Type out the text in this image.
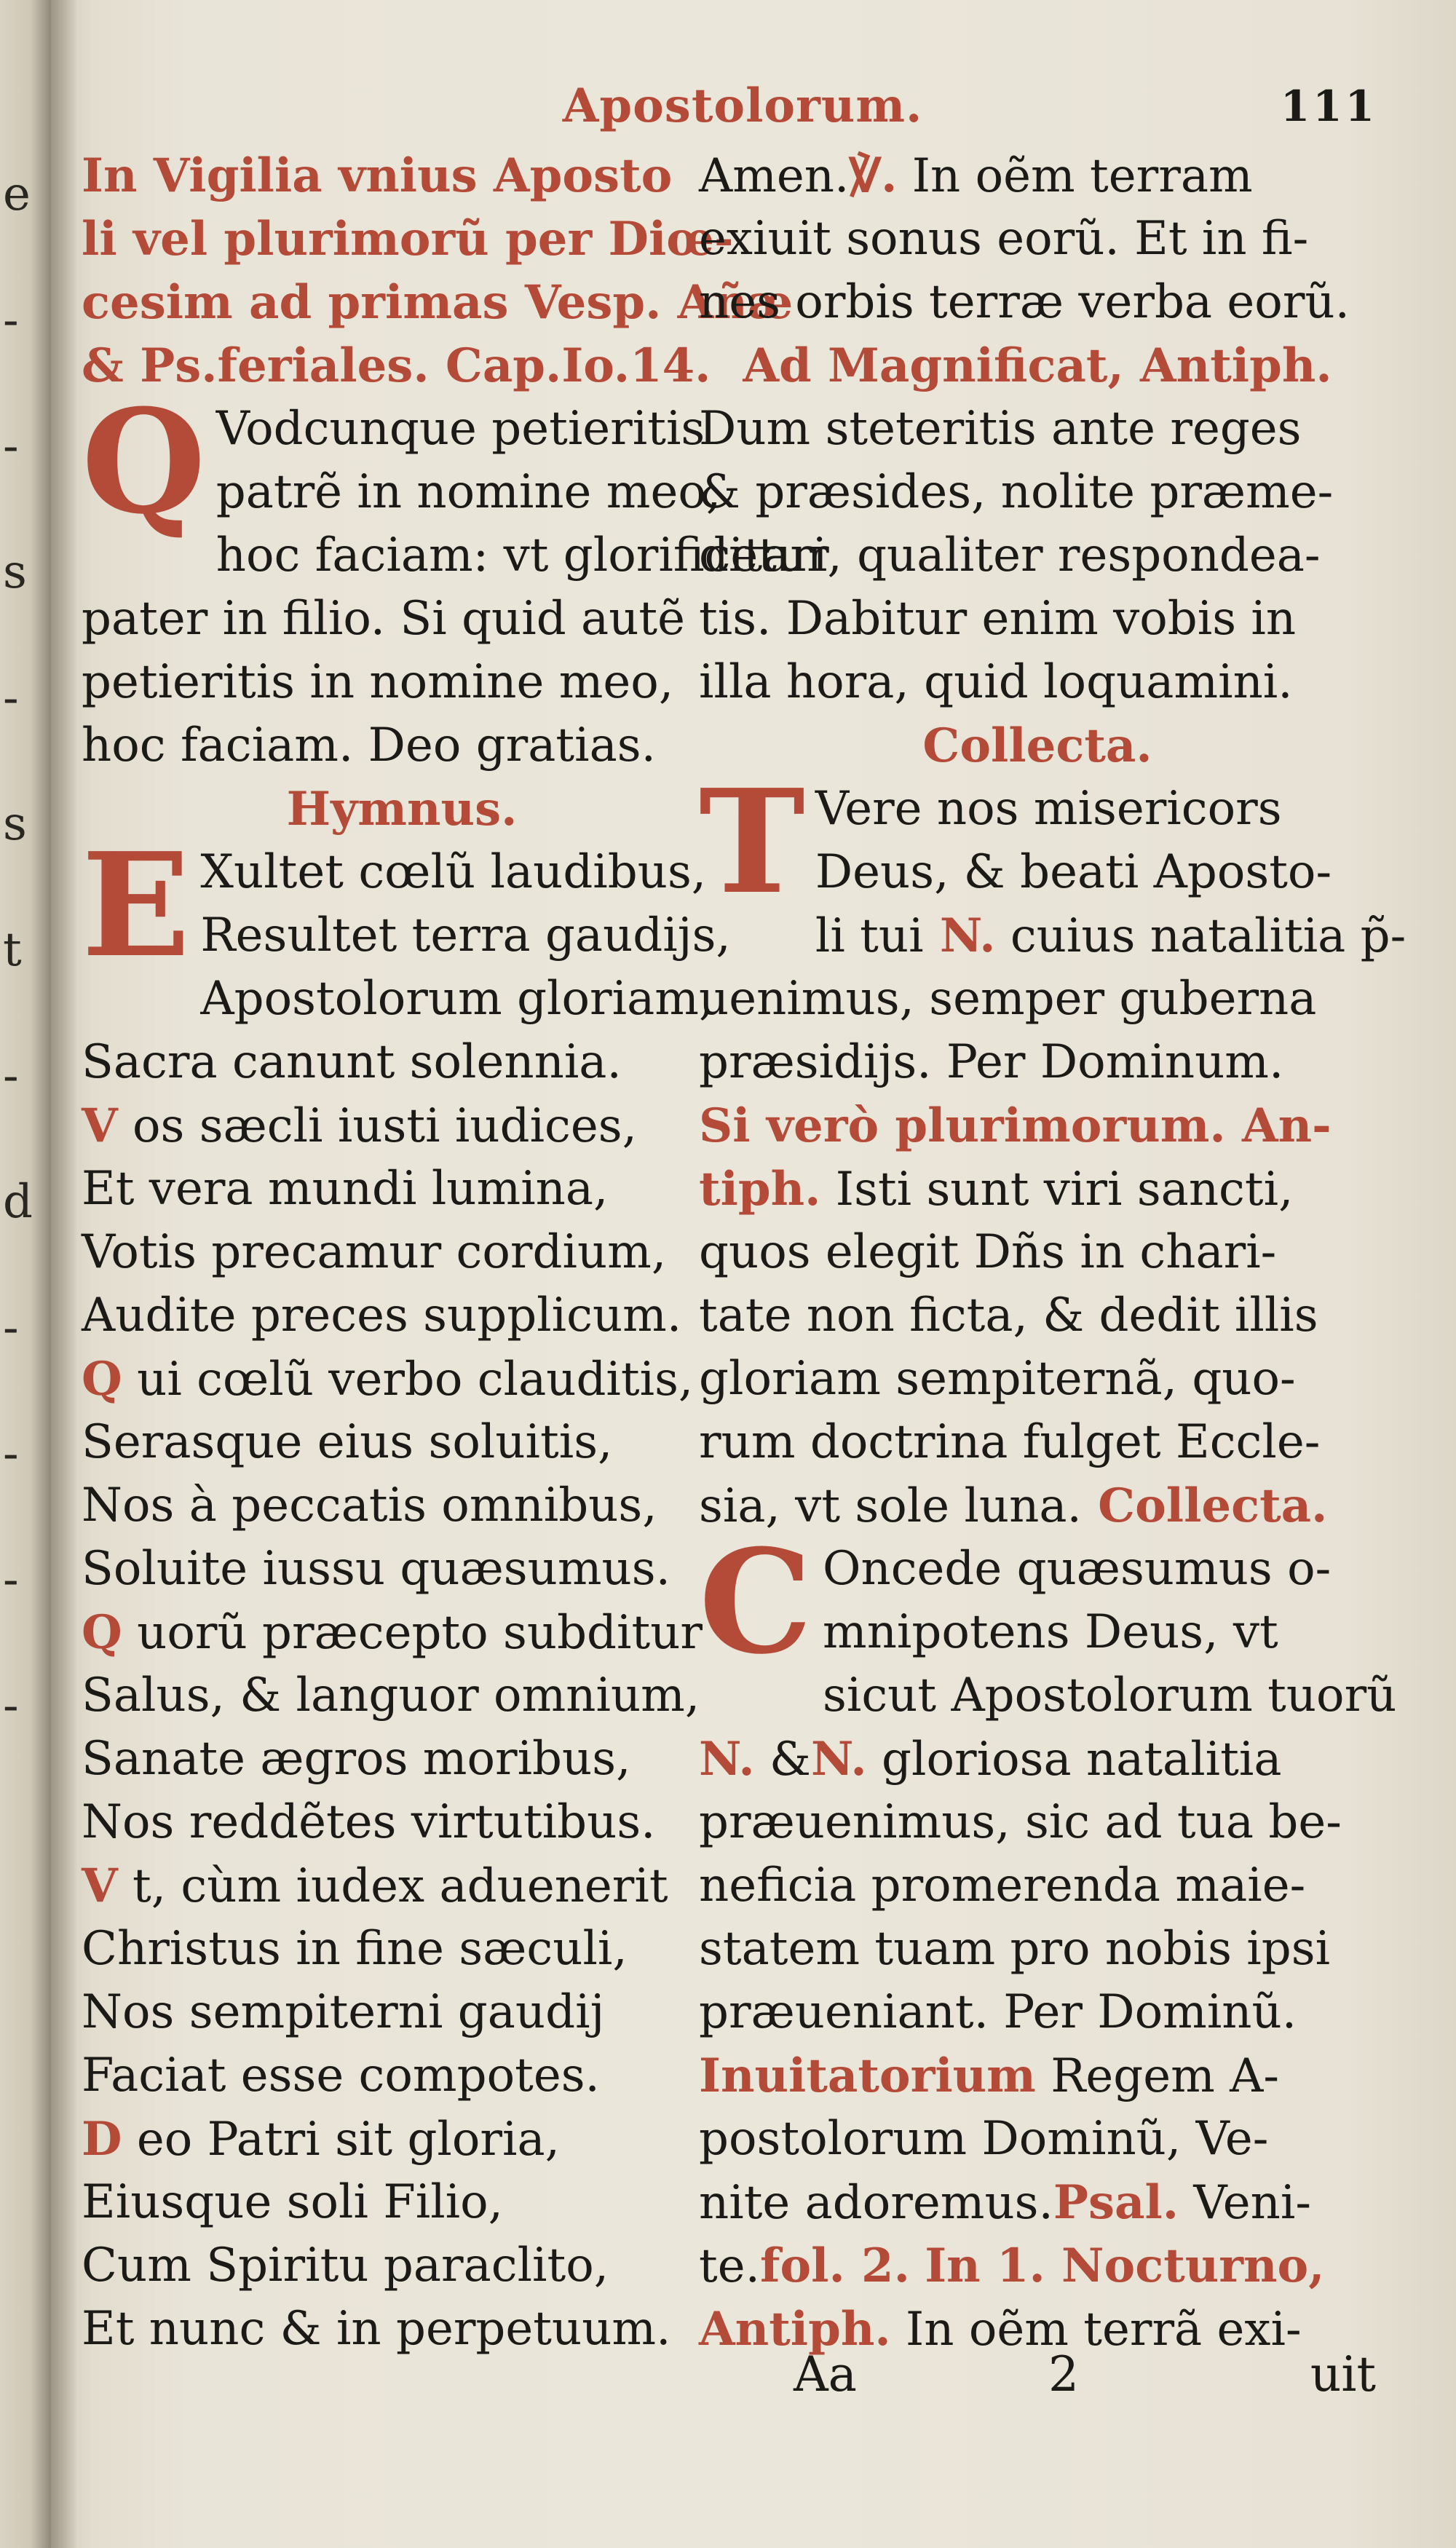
e
-
-
s
-
s
t
-
d
-
-
-
-
Apostolorum.	111
In Vigilia vnius Aposto
li vel plurimorũ per Diœ-
cesim ad primas Vesp. Añæ
& Ps.feriales. Cap.Io.14.
Q Vodcunque petieritis
patrẽ in nomine meo,
hoc faciam: vt glorificetur
pater in filio. Si quid autẽ
petieritis in nomine meo,
hoc faciam. Deo gratias.
Hymnus.
E Xultet cœlũ laudibus,
Resultet terra gaudijs,
Apostolorum gloriam,
Sacra canunt solennia.
V os sæcli iusti iudices,
Et vera mundi lumina,
Votis precamur cordium,
Audite preces supplicum.
Q ui cœlũ verbo clauditis,
Serasque eius soluitis,
Nos à peccatis omnibus,
Soluite iussu quæsumus.
Q uorũ præcepto subditur
Salus, & languor omnium,
Sanate ægros moribus,
Nos reddẽtes virtutibus.
V t, cùm iudex aduenerit
Christus in fine sæculi,
Nos sempiterni gaudij
Faciat esse compotes.
D eo Patri sit gloria,
Eiusque soli Filio,
Cum Spiritu paraclito,
Et nunc & in perpetuum.
Amen.℣. In oẽm terram
exiuit sonus eorũ. Et in fi-
nes orbis terræ verba eorũ.
Ad Magnificat, Antiph.
Dum steteritis ante reges
& præsides, nolite præme-
ditari, qualiter respondea-
tis. Dabitur enim vobis in
illa hora, quid loquamini.
Collecta.
T Vere nos misericors
Deus, & beati Aposto-
li tui N. cuius natalitia p̃-
uenimus, semper guberna
præsidijs. Per Dominum.
Si verò plurimorum. An-
tiph. Isti sunt viri sancti,
quos elegit Dñs in chari-
tate non ficta, & dedit illis
gloriam sempiternã, quo-
rum doctrina fulget Eccle-
sia, vt sole luna. Collecta.
C Oncede quæsumus o-
mnipotens Deus, vt
sicut Apostolorum tuorũ
N. &N. gloriosa natalitia
præuenimus, sic ad tua be-
neficia promerenda maie-
statem tuam pro nobis ipsi
præueniant. Per Dominũ.
Inuitatorium Regem A-
postolorum Dominũ, Ve-
nite adoremus.Psal. Veni-
te.fol. 2. In 1. Nocturno,
Antiph. In oẽm terrã exi-
Aa	2	uit
